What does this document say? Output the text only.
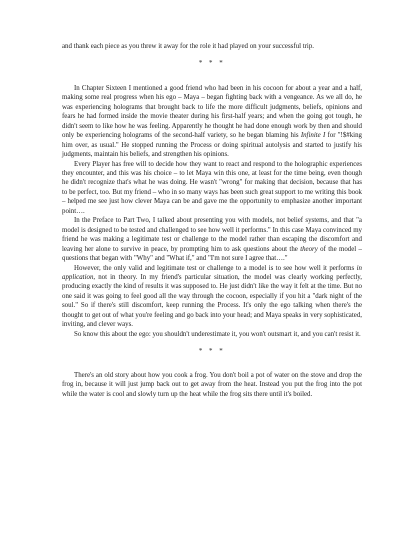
and thank each piece as you threw it away for the role it had played on your successful trip.

* * *

In Chapter Sixteen I mentioned a good friend who had been in his cocoon for about a year and a half, making some real progress when his ego – Maya – began fighting back with a vengeance. As we all do, he was experiencing holograms that brought back to life the more difficult judgments, beliefs, opinions and fears he had formed inside the movie theater during his first-half years; and when the going got tough, he didn't seem to like how he was feeling. Apparently he thought he had done enough work by then and should only be experiencing holograms of the second-half variety, so he began blaming his Infinite I for "!$#king him over, as usual." He stopped running the Process or doing spiritual autolysis and started to justify his judgments, maintain his beliefs, and strengthen his opinions.

Every Player has free will to decide how they want to react and respond to the holographic experiences they encounter, and this was his choice – to let Maya win this one, at least for the time being, even though he didn't recognize that's what he was doing. He wasn't "wrong" for making that decision, because that has to be perfect, too. But my friend – who in so many ways has been such great support to me writing this book – helped me see just how clever Maya can be and gave me the opportunity to emphasize another important point….

In the Preface to Part Two, I talked about presenting you with models, not belief systems, and that "a model is designed to be tested and challenged to see how well it performs." In this case Maya convinced my friend he was making a legitimate test or challenge to the model rather than escaping the discomfort and leaving her alone to survive in peace, by prompting him to ask questions about the theory of the model – questions that began with "Why" and "What if," and "I'm not sure I agree that…."

However, the only valid and legitimate test or challenge to a model is to see how well it performs in application, not in theory. In my friend's particular situation, the model was clearly working perfectly, producing exactly the kind of results it was supposed to. He just didn't like the way it felt at the time. But no one said it was going to feel good all the way through the cocoon, especially if you hit a "dark night of the soul." So if there's still discomfort, keep running the Process. It's only the ego talking when there's the thought to get out of what you're feeling and go back into your head; and Maya speaks in very sophisticated, inviting, and clever ways.

So know this about the ego: you shouldn't underestimate it, you won't outsmart it, and you can't resist it.

* * *

There's an old story about how you cook a frog. You don't boil a pot of water on the stove and drop the frog in, because it will just jump back out to get away from the heat. Instead you put the frog into the pot while the water is cool and slowly turn up the heat while the frog sits there until it's boiled.
